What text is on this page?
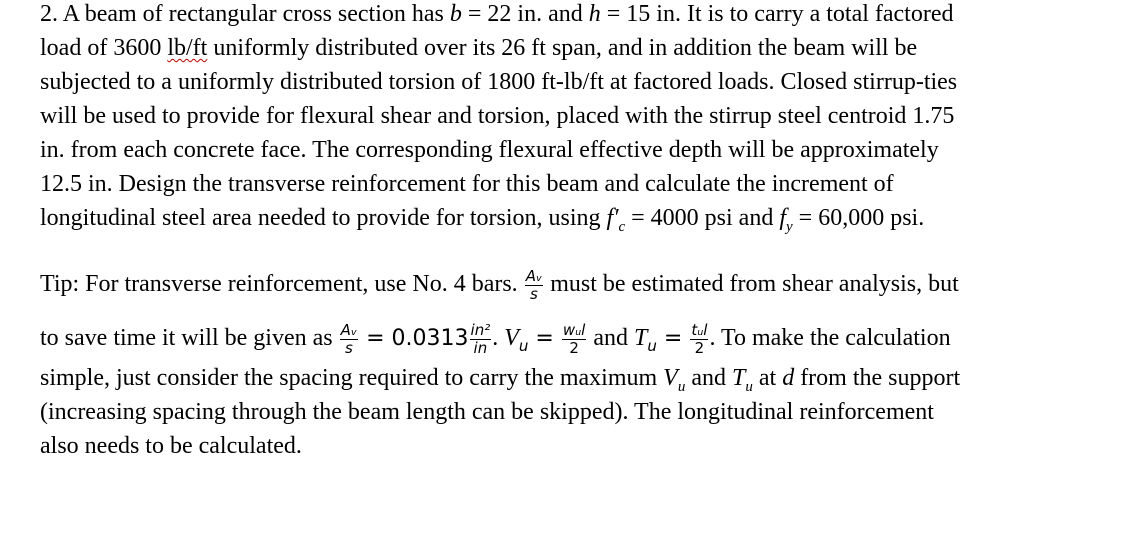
2. A beam of rectangular cross section has b = 22 in. and h = 15 in. It is to carry a total factored
load of 3600 lb/ft uniformly distributed over its 26 ft span, and in addition the beam will be
subjected to a uniformly distributed torsion of 1800 ft-lb/ft at factored loads. Closed stirrup-ties
will be used to provide for flexural shear and torsion, placed with the stirrup steel centroid 1.75
in. from each concrete face. The corresponding flexural effective depth will be approximately
12.5 in. Design the transverse reinforcement for this beam and calculate the increment of
longitudinal steel area needed to provide for torsion, using $f'_c = 4000$ psi and $f_y = 60,000$ psi.
Tip: For transverse reinforcement, use No. 4 bars. $\frac{\text{Aᵥ}}{s}$ must be estimated from shear analysis, but
to save time it will be given as $\frac{\text{Aᵥ}}{s} = 0.0313 \frac{\text{in²}}{in}$ . $V_u = \frac{\text{wᵤl}}{2}$ and $T_u = \frac{\text{tᵤl}}{2}$ . To make the calculation
simple, just consider the spacing required to carry the maximum $V_u$ and $T_u$ at d from the support
(increasing spacing through the beam length can be skipped). The longitudinal reinforcement
also needs to be calculated.
